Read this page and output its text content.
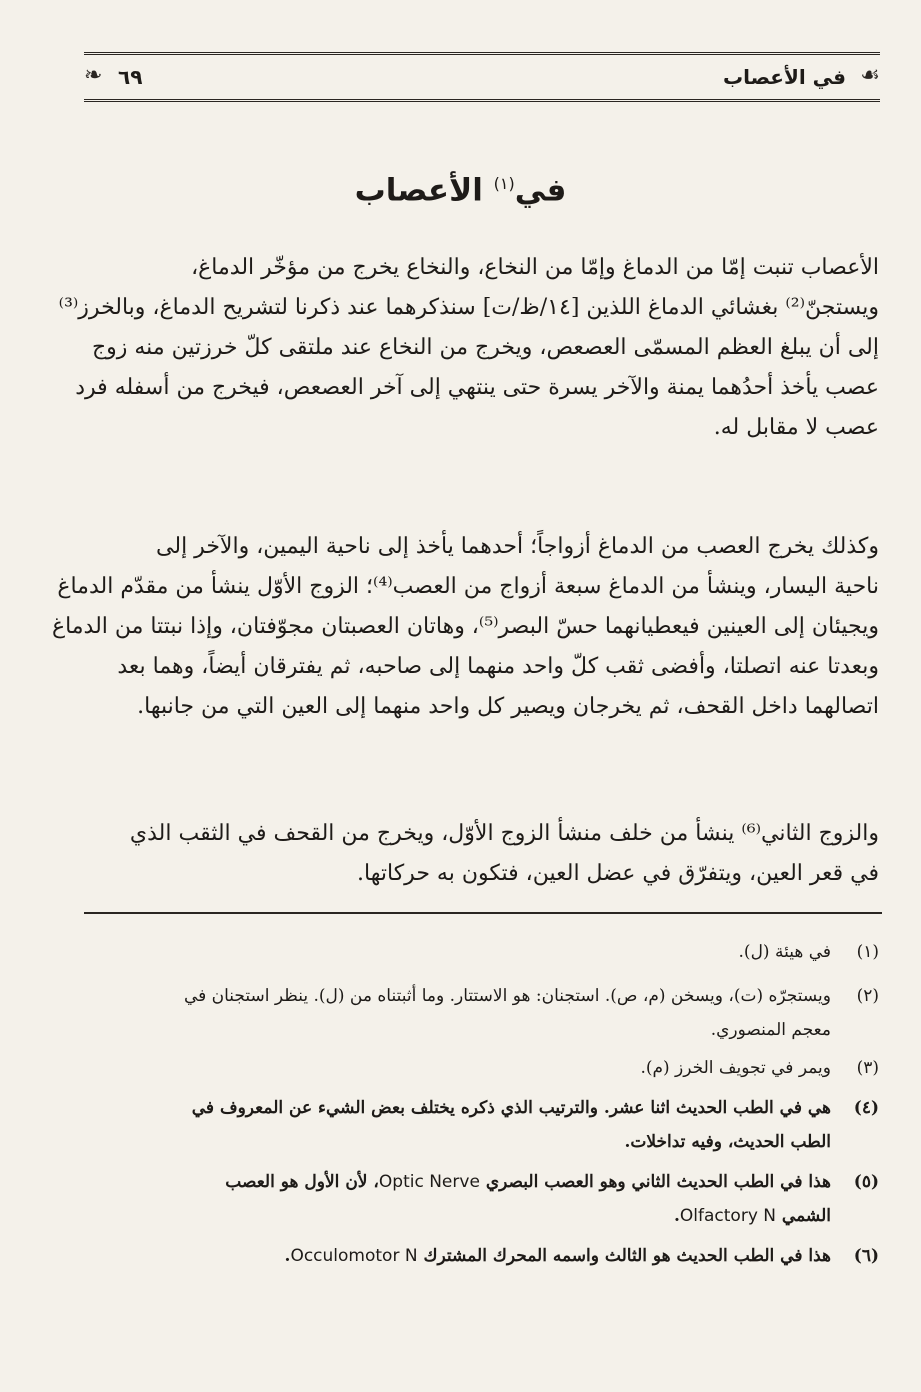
☙
في الأعصاب
٦٩
❧
في$^{(١)}$ الأعصاب
الأعصاب تنبت إمّا من الدماغ وإمّا من النخاع، والنخاع يخرج من مؤخّر الدماغ،
ويستجنّ⁽²⁾ بغشائي الدماغ اللذين [١٤/ظ/ت] سنذكرهما عند ذكرنا لتشريح الدماغ، وبالخرز⁽³⁾
إلى أن يبلغ العظم المسمّى العصعص، ويخرج من النخاع عند ملتقى كلّ خرزتين منه زوج
عصب يأخذ أحدُهما يمنة والآخر يسرة حتى ينتهي إلى آخر العصعص، فيخرج من أسفله فرد
عصب لا مقابل له.
وكذلك يخرج العصب من الدماغ أزواجاً؛ أحدهما يأخذ إلى ناحية اليمين، والآخر إلى
ناحية اليسار، وينشأ من الدماغ سبعة أزواج من العصب⁽⁴⁾؛ الزوج الأوّل ينشأ من مقدّم الدماغ
ويجيئان إلى العينين فيعطيانهما حسّ البصر⁽⁵⁾، وهاتان العصبتان مجوّفتان، وإذا نبتتا من الدماغ
وبعدتا عنه اتصلتا، وأفضى ثقب كلّ واحد منهما إلى صاحبه، ثم يفترقان أيضاً، وهما بعد
اتصالهما داخل القحف، ثم يخرجان ويصير كل واحد منهما إلى العين التي من جانبها.
والزوج الثاني⁽⁶⁾ ينشأ من خلف منشأ الزوج الأوّل، ويخرج من القحف في الثقب الذي
في قعر العين، ويتفرّق في عضل العين، فتكون به حركاتها.
(١)
في هيئة (ل).
(٢)
ويستجرّه (ت)، ويسخن (م، ص). استجنان: هو الاستتار. وما أثبتناه من (ل). ينظر استجنان في
معجم المنصوري.
(٣)
ويمر في تجويف الخرز (م).
(٤)
هي في الطب الحديث اثنا عشر. والترتيب الذي ذكره يختلف بعض الشيء عن المعروف في
الطب الحديث، وفيه تداخلات.
(٥)
هذا في الطب الحديث الثاني وهو العصب البصري Optic Nerve، لأن الأول هو العصب
الشمي Olfactory N.
(٦)
هذا في الطب الحديث هو الثالث واسمه المحرك المشترك Occulomotor N.
